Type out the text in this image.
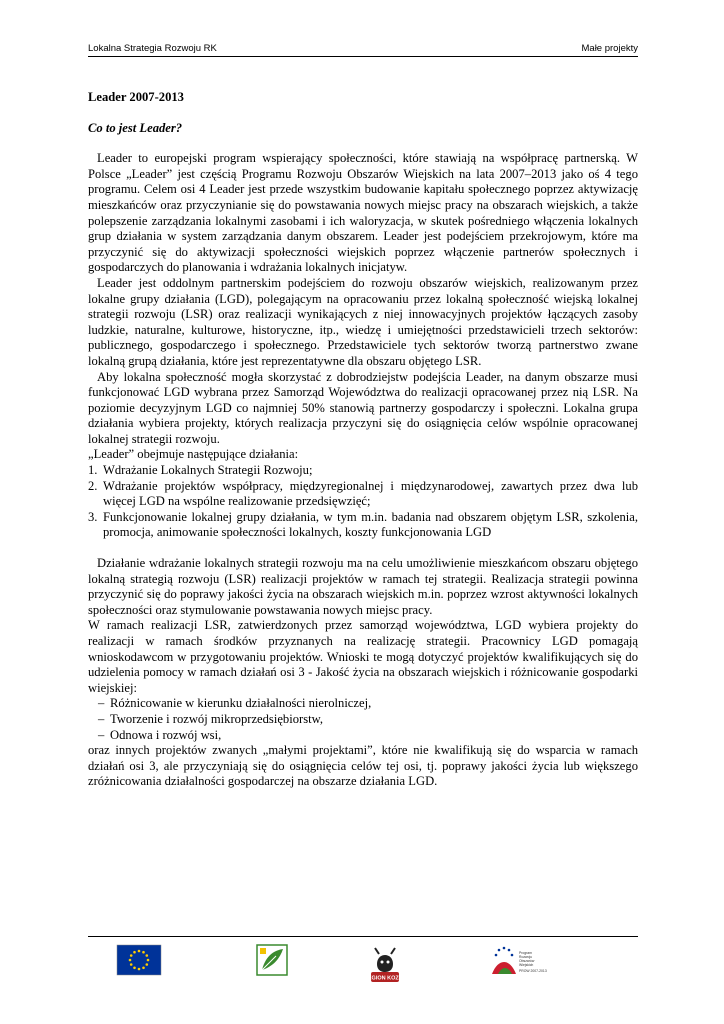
Lokalna Strategia Rozwoju RK	Małe projekty
Leader 2007-2013
Co to jest Leader?

Leader to europejski program wspierający społeczności, które stawiają na współpracę partnerską. W Polsce „Leader” jest częścią Programu Rozwoju Obszarów Wiejskich na lata 2007–2013 jako oś 4 tego programu. Celem osi 4 Leader jest przede wszystkim budowanie kapitału społecznego poprzez aktywizację mieszkańców oraz przyczynianie się do powstawania nowych miejsc pracy na obszarach wiejskich, a także polepszenie zarządzania lokalnymi zasobami i ich waloryzacja, w skutek pośredniego włączenia lokalnych grup działania w system zarządzania danym obszarem. Leader jest podejściem przekrojowym, które ma przyczynić się do aktywizacji społeczności wiejskich poprzez włączenie partnerów społecznych i gospodarczych do planowania i wdrażania lokalnych inicjatyw.

Leader jest oddolnym partnerskim podejściem do rozwoju obszarów wiejskich, realizowanym przez lokalne grupy działania (LGD), polegającym na opracowaniu przez lokalną społeczność wiejską lokalnej strategii rozwoju (LSR) oraz realizacji wynikających z niej innowacyjnych projektów łączących zasoby ludzkie, naturalne, kulturowe, historyczne, itp., wiedzę i umiejętności przedstawicieli trzech sektorów: publicznego, gospodarczego i społecznego. Przedstawiciele tych sektorów tworzą partnerstwo zwane lokalną grupą działania, które jest reprezentatywne dla obszaru objętego LSR.

Aby lokalna społeczność mogła skorzystać z dobrodziejstw podejścia Leader, na danym obszarze musi funkcjonować LGD wybrana przez Samorząd Województwa do realizacji opracowanej przez nią LSR. Na poziomie decyzyjnym LGD co najmniej 50% stanowią partnerzy gospodarczy i społeczni. Lokalna grupa działania wybiera projekty, których realizacja przyczyni się do osiągnięcia celów wspólnie opracowanej lokalnej strategii rozwoju.

„Leader” obejmuje następujące działania:

1. Wdrażanie Lokalnych Strategii Rozwoju;
2. Wdrażanie projektów współpracy, międzyregionalnej i międzynarodowej, zawartych przez dwa lub więcej LGD na wspólne realizowanie przedsięwzięć;
3. Funkcjonowanie lokalnej grupy działania, w tym m.in. badania nad obszarem objętym LSR, szkolenia, promocja, animowanie społeczności lokalnych, koszty funkcjonowania LGD

Działanie wdrażanie lokalnych strategii rozwoju ma na celu umożliwienie mieszkańcom obszaru objętego lokalną strategią rozwoju (LSR) realizacji projektów w ramach tej strategii. Realizacja strategii powinna przyczynić się do poprawy jakości życia na obszarach wiejskich m.in. poprzez wzrost aktywności lokalnych społeczności oraz stymulowanie powstawania nowych miejsc pracy.

W ramach realizacji LSR, zatwierdzonych przez samorząd województwa, LGD wybiera projekty do realizacji w ramach środków przyznanych na realizację strategii. Pracownicy LGD pomagają wnioskodawcom w przygotowaniu projektów. Wnioski te mogą dotyczyć projektów kwalifikujących się do udzielenia pomocy w ramach działań osi 3 - Jakość życia na obszarach wiejskich i różnicowanie gospodarki wiejskiej:

– Różnicowanie w kierunku działalności nierolniczej,
– Tworzenie i rozwój mikroprzedsiębiorstw,
– Odnowa i rozwój wsi,

oraz innych projektów zwanych „małymi projektami”, które nie kwalifikują się do wsparcia w ramach działań osi 3, ale przyczyniają się do osiągnięcia celów tej osi, tj. poprawy jakości życia lub większego zróżnicowania działalności gospodarczej na obszarze działania LGD.

REGION KOZŁA
Program
Rozwoju
Obszarów
Wiejskich
PROW 2007-2013
